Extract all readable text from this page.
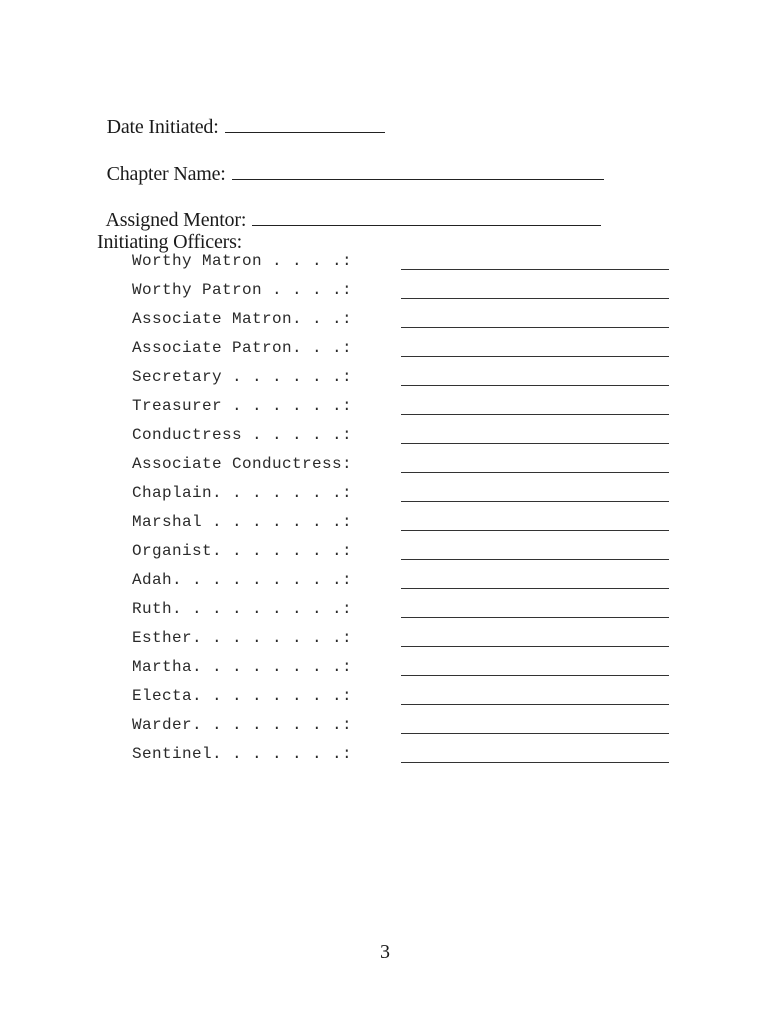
Date Initiated:

Chapter Name:

Assigned Mentor:

Initiating Officers:
Worthy Matron . . . .:
Worthy Patron . . . .:
Associate Matron. . .:
Associate Patron. . .:
Secretary . . . . . .:
Treasurer . . . . . .:
Conductress . . . . .:
Associate Conductress:
Chaplain. . . . . . .:
Marshal . . . . . . .:
Organist. . . . . . .:
Adah. . . . . . . . .:
Ruth. . . . . . . . .:
Esther. . . . . . . .:
Martha. . . . . . . .:
Electa. . . . . . . .:
Warder. . . . . . . .:
Sentinel. . . . . . .:
3
